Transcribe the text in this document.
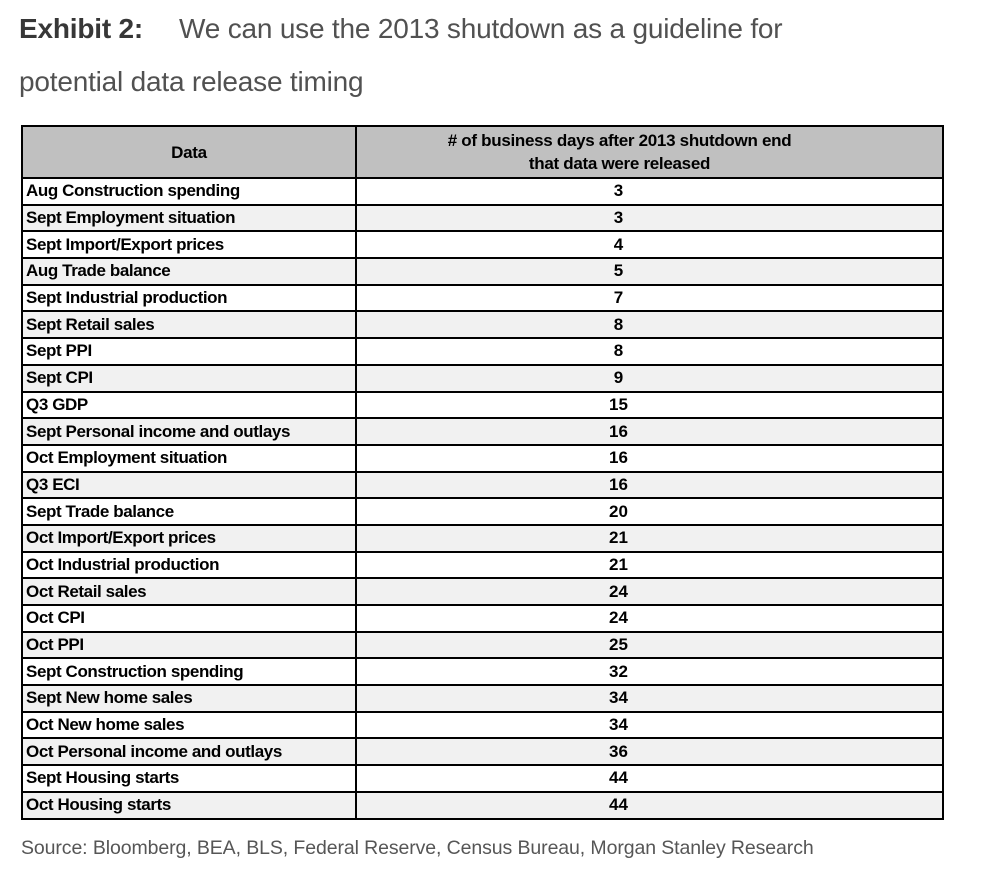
Exhibit 2: We can use the 2013 shutdown as a guideline for
potential data release timing
Data	# of business days after 2013 shutdown end
that data were released

Aug Construction spending	3
Sept Employment situation	3
Sept Import/Export prices	4
Aug Trade balance	5
Sept Industrial production	7
Sept Retail sales	8
Sept PPI	8
Sept CPI	9
Q3 GDP	15
Sept Personal income and outlays	16
Oct Employment situation	16
Q3 ECI	16
Sept Trade balance	20
Oct Import/Export prices	21
Oct Industrial production	21
Oct Retail sales	24
Oct CPI	24
Oct PPI	25
Sept Construction spending	32
Sept New home sales	34
Oct New home sales	34
Oct Personal income and outlays	36
Sept Housing starts	44
Oct Housing starts	44
Source: Bloomberg, BEA, BLS, Federal Reserve, Census Bureau, Morgan Stanley Research
